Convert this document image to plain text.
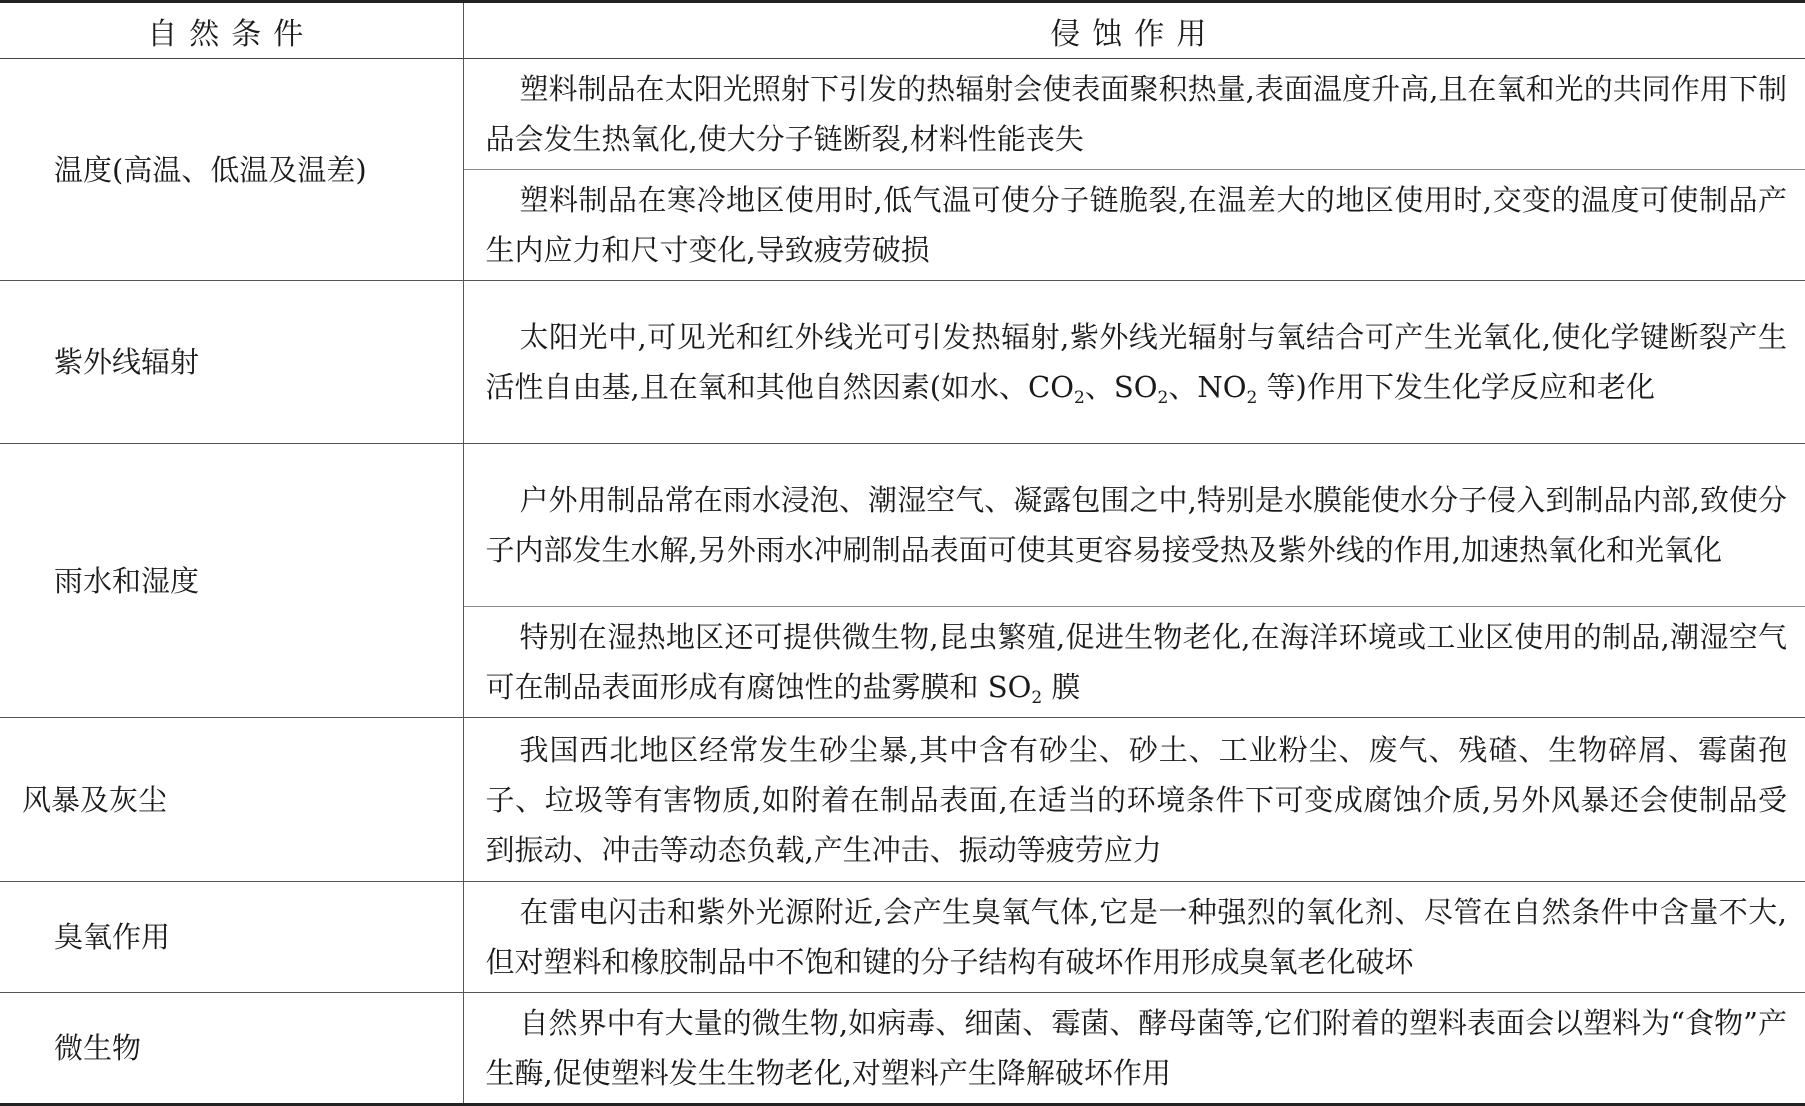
自然条件	侵蚀作用
温度(高温、低温及温差)	塑料制品在太阳光照射下引发的热辐射会使表面聚积热量,表面温度升高,且在氧和光的共同作用下制品会发生热氧化,使大分子链断裂,材料性能丧失
	塑料制品在寒冷地区使用时,低气温可使分子链脆裂,在温差大的地区使用时,交变的温度可使制品产生内应力和尺寸变化,导致疲劳破损
紫外线辐射	太阳光中,可见光和红外线光可引发热辐射,紫外线光辐射与氧结合可产生光氧化,使化学键断裂产生活性自由基,且在氧和其他自然因素(如水、$CO_2$、$SO_2$、$NO_2$ 等)作用下发生化学反应和老化
雨水和湿度	户外用制品常在雨水浸泡、潮湿空气、凝露包围之中,特别是水膜能使水分子侵入到制品内部,致使分子内部发生水解,另外雨水冲刷制品表面可使其更容易接受热及紫外线的作用,加速热氧化和光氧化
	特别在湿热地区还可提供微生物,昆虫繁殖,促进生物老化,在海洋环境或工业区使用的制品,潮湿空气可在制品表面形成有腐蚀性的盐雾膜和 $SO_2$ 膜
风暴及灰尘	我国西北地区经常发生砂尘暴,其中含有砂尘、砂土、工业粉尘、废气、残碴、生物碎屑、霉菌孢子、垃圾等有害物质,如附着在制品表面,在适当的环境条件下可变成腐蚀介质,另外风暴还会使制品受到振动、冲击等动态负载,产生冲击、振动等疲劳应力
臭氧作用	在雷电闪击和紫外光源附近,会产生臭氧气体,它是一种强烈的氧化剂、尽管在自然条件中含量不大,但对塑料和橡胶制品中不饱和键的分子结构有破坏作用形成臭氧老化破坏
微生物	自然界中有大量的微生物,如病毒、细菌、霉菌、酵母菌等,它们附着的塑料表面会以塑料为“食物”产生酶,促使塑料发生生物老化,对塑料产生降解破坏作用
